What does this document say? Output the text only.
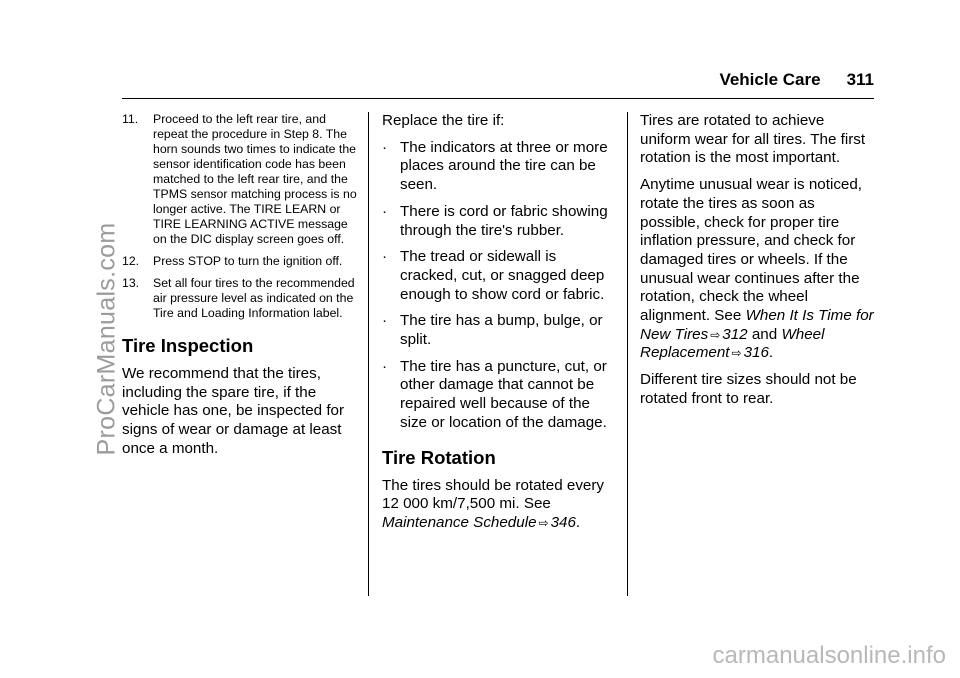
ProCarManuals.com
carmanualsonline.info
Vehicle Care 311
11.	Proceed to the left rear tire, and repeat the procedure in Step 8. The horn sounds two times to indicate the sensor identification code has been matched to the left rear tire, and the TPMS sensor matching process is no longer active. The TIRE LEARN or TIRE LEARNING ACTIVE message on the DIC display screen goes off.
12.	Press STOP to turn the ignition off.
13.	Set all four tires to the recommended air pressure level as indicated on the Tire and Loading Information label.
Tire Inspection

We recommend that the tires, including the spare tire, if the vehicle has one, be inspected for signs of wear or damage at least once a month.

Replace the tire if:

· The indicators at three or more places around the tire can be seen.
· There is cord or fabric showing through the tire's rubber.
· The tread or sidewall is cracked, cut, or snagged deep enough to show cord or fabric.
· The tire has a bump, bulge, or split.
· The tire has a puncture, cut, or other damage that cannot be repaired well because of the size or location of the damage.
Tire Rotation

The tires should be rotated every 12 000 km/7,500 mi. See
Maintenance Schedule ⇨ 346.

Tires are rotated to achieve uniform wear for all tires. The first rotation is the most important.

Anytime unusual wear is noticed, rotate the tires as soon as possible, check for proper tire inflation pressure, and check for damaged tires or wheels. If the unusual wear continues after the rotation, check the wheel alignment. See When It Is Time for New Tires ⇨ 312 and Wheel Replacement ⇨ 316.

Different tire sizes should not be rotated front to rear.
